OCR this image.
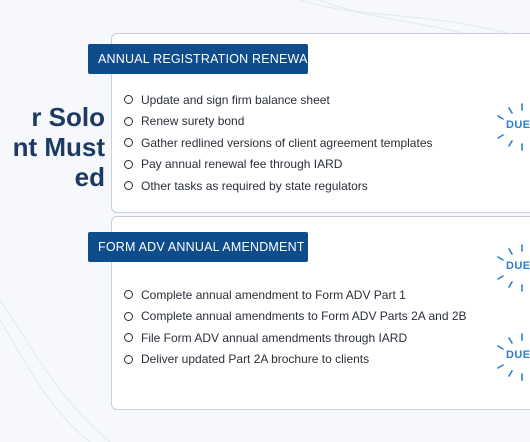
r Solo
nt Must
ed
ANNUAL REGISTRATION RENEWAL
FORM ADV ANNUAL AMENDMENT
Update and sign firm balance sheet
Renew surety bond
Gather redlined versions of client agreement templates
Pay annual renewal fee through IARD
Other tasks as required by state regulators
Complete annual amendment to Form ADV Part 1
Complete annual amendments to Form ADV Parts 2A and 2B
File Form ADV annual amendments through IARD
Deliver updated Part 2A brochure to clients
DUE
DUE
DUE
